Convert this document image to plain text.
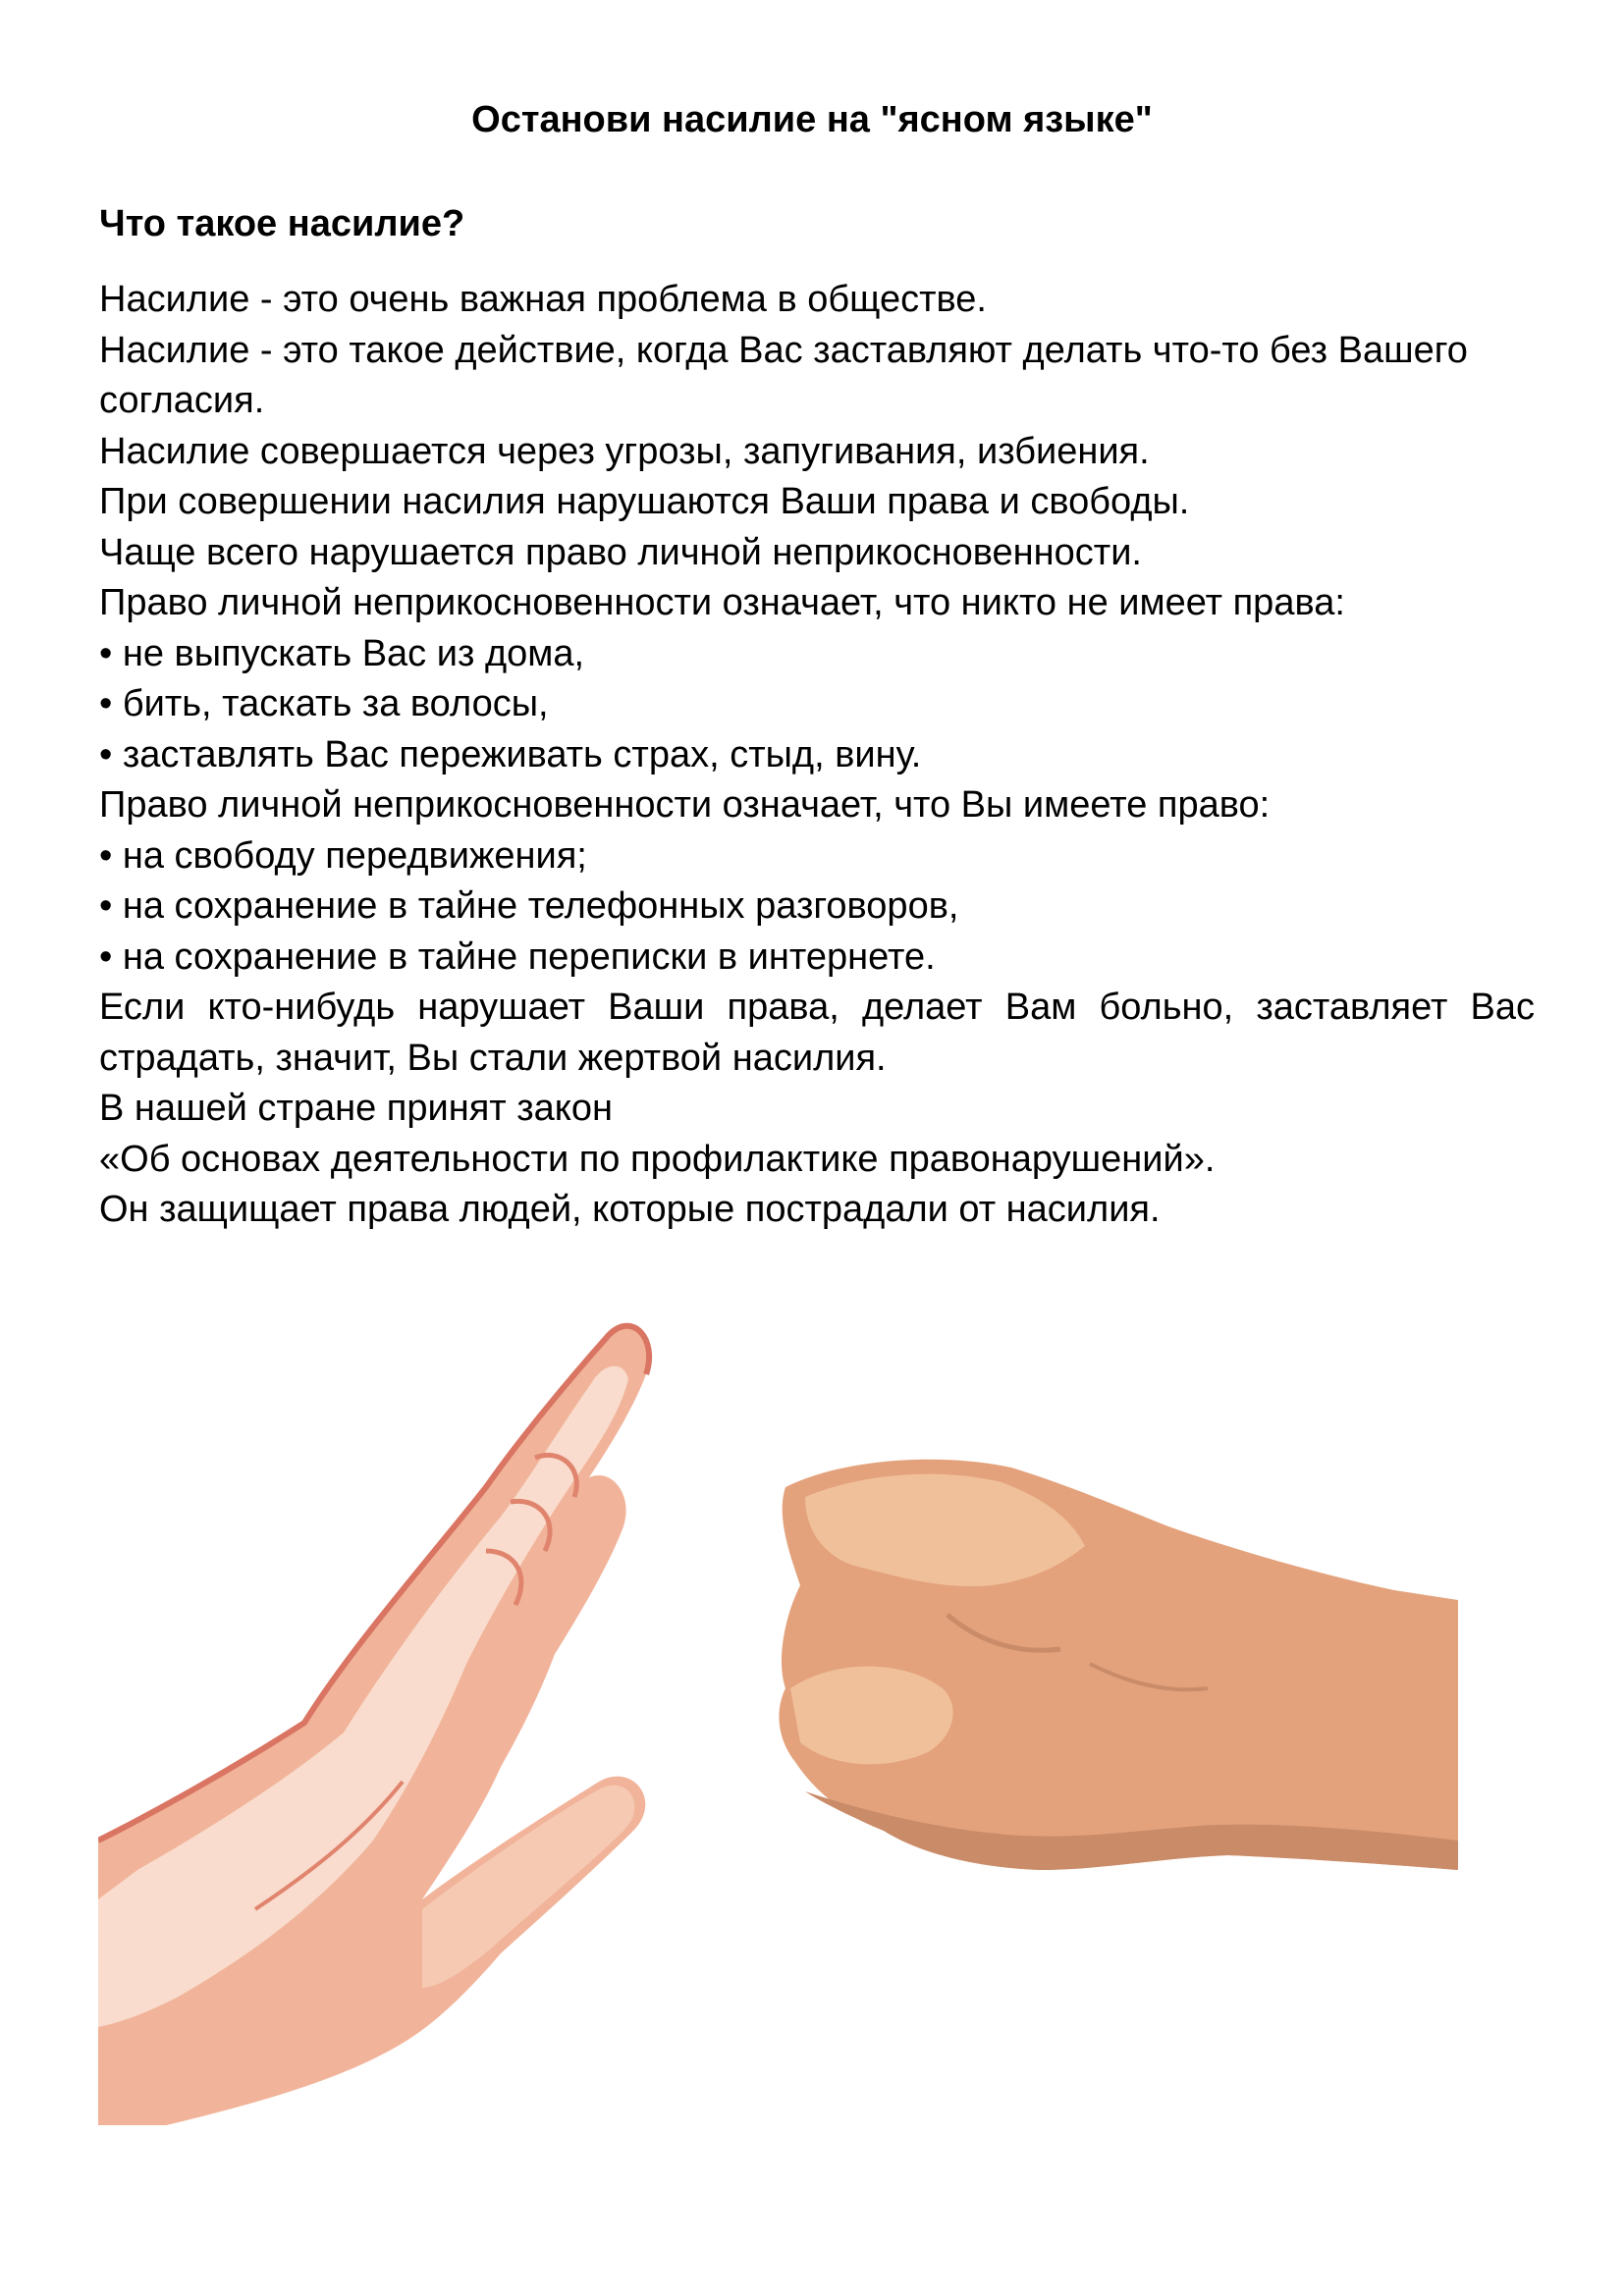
Останови насилие на "ясном языке"
Что такое насилие?

Насилие - это очень важная проблема в обществе.

Насилие - это такое действие, когда Вас заставляют делать что-то без Вашего согласия.

Насилие совершается через угрозы, запугивания, избиения.

При совершении насилия нарушаются Ваши права и свободы.

Чаще всего нарушается право личной неприкосновенности.

Право личной неприкосновенности означает, что никто не имеет права:

• не выпускать Вас из дома,

• бить, таскать за волосы,

• заставлять Вас переживать страх, стыд, вину.

Право личной неприкосновенности означает, что Вы имеете право:

• на свободу передвижения;

• на сохранение в тайне телефонных разговоров,

• на сохранение в тайне переписки в интернете.

Если кто-нибудь нарушает Ваши права, делает Вам больно, заставляет Вас страдать, значит, Вы стали жертвой насилия.

В нашей стране принят закон

«Об основах деятельности по профилактике правонарушений».

Он защищает права людей, которые пострадали от насилия.
